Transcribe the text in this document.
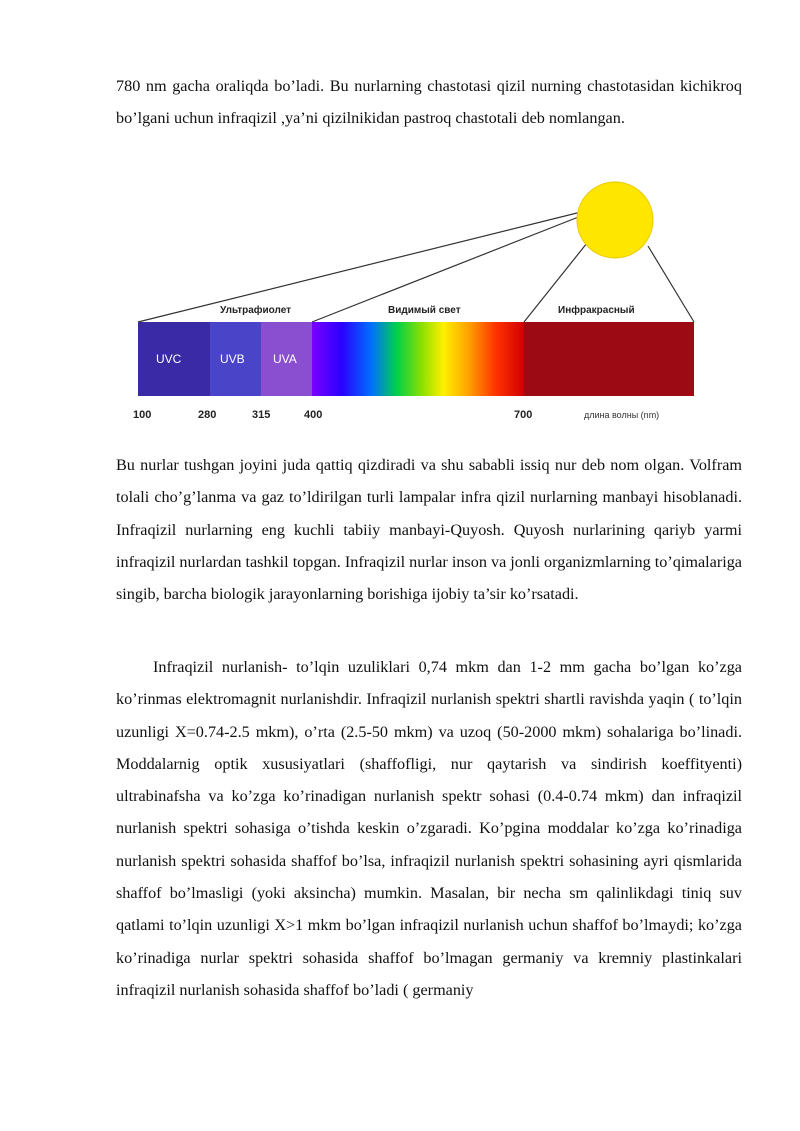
780 nm gacha oraliqda bo’ladi. Bu nurlarning chastotasi qizil nurning chastotasidan kichikroq bo’lgani uchun infraqizil ,ya’ni qizilnikidan pastroq chastotali deb nomlangan.

Ультрафиолет	Видимый свет	Инфракрасный
UVC	UVB UVA
100	280	315	400	700	длина волны (nm)

Bu nurlar tushgan joyini juda qattiq qizdiradi va shu sababli issiq nur deb nom olgan. Volfram tolali cho’g’lanma va gaz to’ldirilgan turli lampalar infra qizil nurlarning manbayi hisoblanadi. Infraqizil nurlarning eng kuchli tabiiy manbayi-Quyosh. Quyosh nurlarining qariyb yarmi infraqizil nurlardan tashkil topgan. Infraqizil nurlar inson va jonli organizmlarning to’qimalariga singib, barcha biologik jarayonlarning borishiga ijobiy ta’sir ko’rsatadi.

Infraqizil nurlanish- to’lqin uzuliklari 0,74 mkm dan 1-2 mm gacha bo’lgan ko’zga ko’rinmas elektromagnit nurlanishdir. Infraqizil nurlanish spektri shartli ravishda yaqin ( to’lqin uzunligi X=0.74-2.5 mkm), o’rta (2.5-50 mkm) va uzoq (50-2000 mkm) sohalariga bo’linadi. Moddalarnig optik xususiyatlari (shaffofligi, nur qaytarish va sindirish koeffityenti) ultrabinafsha va ko’zga ko’rinadigan nurlanish spektr sohasi (0.4-0.74 mkm) dan infraqizil nurlanish spektri sohasiga o’tishda keskin o’zgaradi. Ko’pgina moddalar ko’zga ko’rinadiga nurlanish spektri sohasida shaffof bo’lsa, infraqizil nurlanish spektri sohasining ayri qismlarida shaffof bo’lmasligi (yoki aksincha) mumkin. Masalan, bir necha sm qalinlikdagi tiniq suv qatlami to’lqin uzunligi X>1 mkm bo’lgan infraqizil nurlanish uchun shaffof bo’lmaydi; ko’zga ko’rinadiga nurlar spektri sohasida shaffof bo’lmagan germaniy va kremniy plastinkalari infraqizil nurlanish sohasida shaffof bo’ladi ( germaniy
